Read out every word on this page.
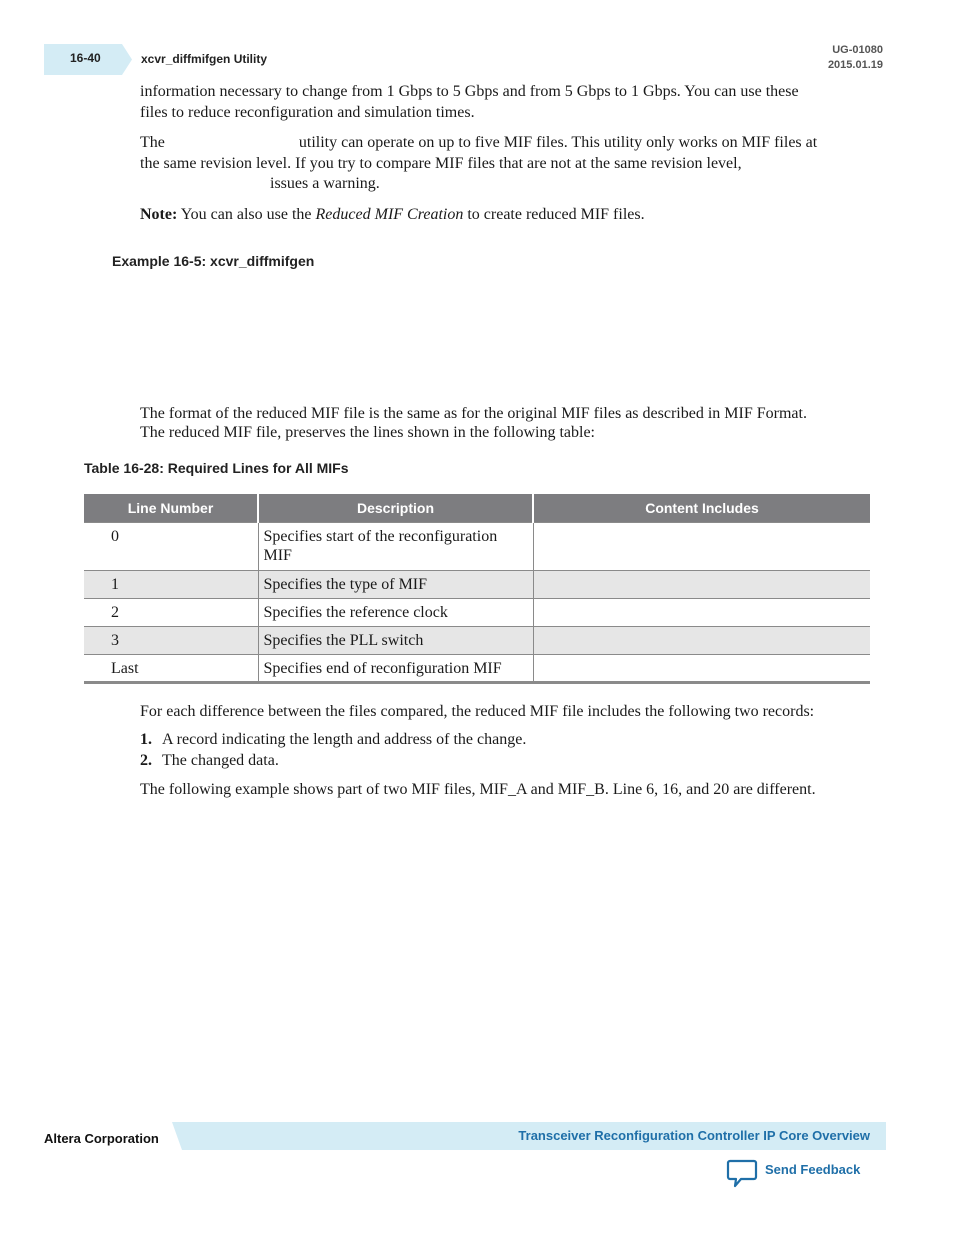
16-40	xcvr_diffmifgen Utility
UG-01080
2015.01.19

information necessary to change from 1 Gbps to 5 Gbps and from 5 Gbps to 1 Gbps. You can use these

files to reduce reconfiguration and simulation times.

The	utility can operate on up to five MIF files. This utility only works on MIF files at

the same revision level. If you try to compare MIF files that are not at the same revision level,

issues a warning.

Note: You can also use the Reduced MIF Creation to create reduced MIF files.
Example 16-5: xcvr_diffmifgen

The format of the reduced MIF file is the same as for the original MIF files as described in MIF Format.

The reduced MIF file, preserves the lines shown in the following table:

Table 16-28: Required Lines for All MIFs
Line Number	Description	Content Includes
0	Specifies start of the reconfiguration MIF	
1	Specifies the type of MIF	
2	Specifies the reference clock	
3	Specifies the PLL switch	
Last	Specifies end of reconfiguration MIF	
For each difference between the files compared, the reduced MIF file includes the following two records:
1. A record indicating the length and address of the change.
2. The changed data.
The following example shows part of two MIF files, MIF_A and MIF_B. Line 6, 16, and 20 are different.
Altera Corporation	Transceiver Reconfiguration Controller IP Core Overview
Send Feedback
